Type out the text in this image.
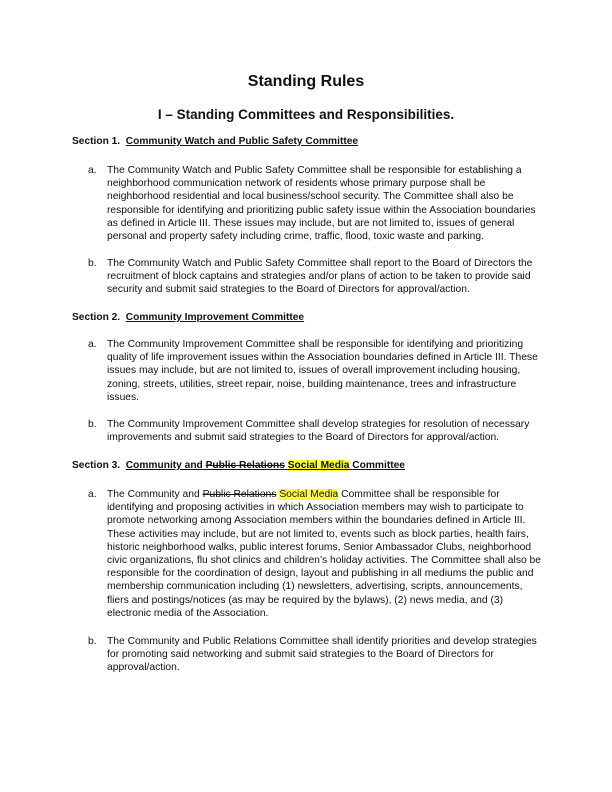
Standing Rules
I – Standing Committees and Responsibilities.
Section 1. Community Watch and Public Safety Committee
a.	The Community Watch and Public Safety Committee shall be responsible for establishing a neighborhood communication network of residents whose primary purpose shall be neighborhood residential and local business/school security. The Committee shall also be responsible for identifying and prioritizing public safety issue within the Association boundaries as defined in Article III. These issues may include, but are not limited to, issues of general personal and property safety including crime, traffic, flood, toxic waste and parking.
b.	The Community Watch and Public Safety Committee shall report to the Board of Directors the recruitment of block captains and strategies and/or plans of action to be taken to provide said security and submit said strategies to the Board of Directors for approval/action.
Section 2. Community Improvement Committee
a.	The Community Improvement Committee shall be responsible for identifying and prioritizing quality of life improvement issues within the Association boundaries defined in Article III. These issues may include, but are not limited to, issues of overall improvement including housing, zoning, streets, utilities, street repair, noise, building maintenance, trees and infrastructure issues.
b.	The Community Improvement Committee shall develop strategies for resolution of necessary improvements and submit said strategies to the Board of Directors for approval/action.
Section 3. Community and Public Relations Social Media Committee
a.	The Community and Public Relations Social Media Committee shall be responsible for identifying and proposing activities in which Association members may wish to participate to promote networking among Association members within the boundaries defined in Article III. These activities may include, but are not limited to, events such as block parties, health fairs, historic neighborhood walks, public interest forums, Senior Ambassador Clubs, neighborhood civic organizations, flu shot clinics and children’s holiday activities. The Committee shall also be responsible for the coordination of design, layout and publishing in all mediums the public and membership communication including (1) newsletters, advertising, scripts, announcements, fliers and postings/notices (as may be required by the bylaws), (2) news media, and (3) electronic media of the Association.
b.	The Community and Public Relations Committee shall identify priorities and develop strategies for promoting said networking and submit said strategies to the Board of Directors for approval/action.
